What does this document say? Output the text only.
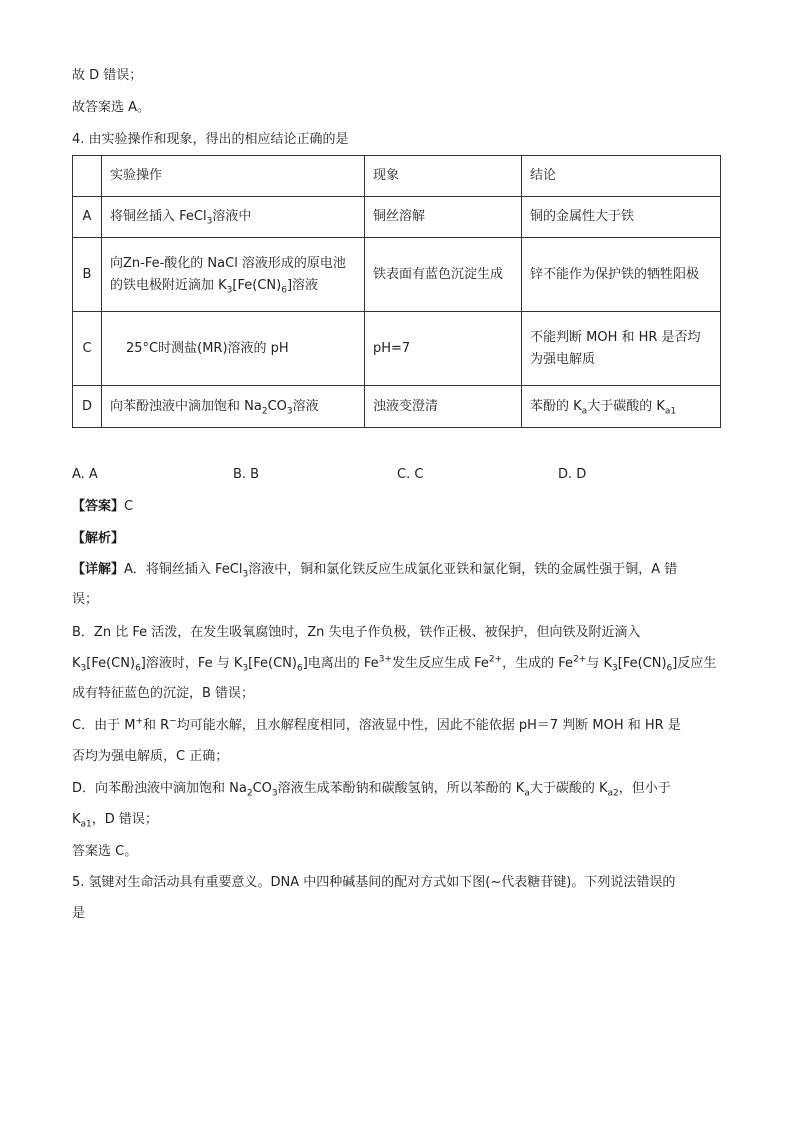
故 D 错误；
故答案选 A。
4. 由实验操作和现象，得出的相应结论正确的是
	实验操作	现象	结论
A	将铜丝插入 FeCl$_3$溶液中	铜丝溶解	铜的金属性大于铁
B	向Zn-Fe-酸化的 NaCl 溶液形成的原电池的铁电极附近滴加 $K_3[Fe(CN)_6]$溶液	铁表面有蓝色沉淀生成	锌不能作为保护铁的牺牲阳极
C	25°C时测盐(MR)溶液的 pH	pH=7	不能判断 MOH 和 HR 是否均为强电解质
D	向苯酚浊液中滴加饱和 $Na_2CO_3$溶液	浊液变澄清	苯酚的 $K_a$大于碳酸的 $K_{a1}$
A. A	B. B	C. C	D. D
【答案】C
【解析】
【详解】A．将铜丝插入 FeCl$_3$溶液中，铜和氯化铁反应生成氯化亚铁和氯化铜，铁的金属性强于铜，A 错
误；
B．Zn 比 Fe 活泼，在发生吸氧腐蚀时，Zn 失电子作负极，铁作正极、被保护，但向铁及附近滴入
$K_3[Fe(CN)_6]$溶液时，Fe 与 $K_3[Fe(CN)_6]$电离出的 $Fe^{3+}$发生反应生成 $Fe^{2+}$，生成的 $Fe^{2+}$与 $K_3[Fe(CN)_6]$反应生
成有特征蓝色的沉淀，B 错误；
C．由于 M+和 R−均可能水解，且水解程度相同，溶液显中性，因此不能依据 pH＝7 判断 MOH 和 HR 是
否均为强电解质，C 正确；
D．向苯酚浊液中滴加饱和 $Na_2CO_3$溶液生成苯酚钠和碳酸氢钠，所以苯酚的 $K_a$大于碳酸的 $K_{a2}$，但小于
$K_{a1}$，D 错误；
答案选 C。
5. 氢键对生命活动具有重要意义。DNA 中四种碱基间的配对方式如下图(~代表糖苷键)。下列说法错误的
是
